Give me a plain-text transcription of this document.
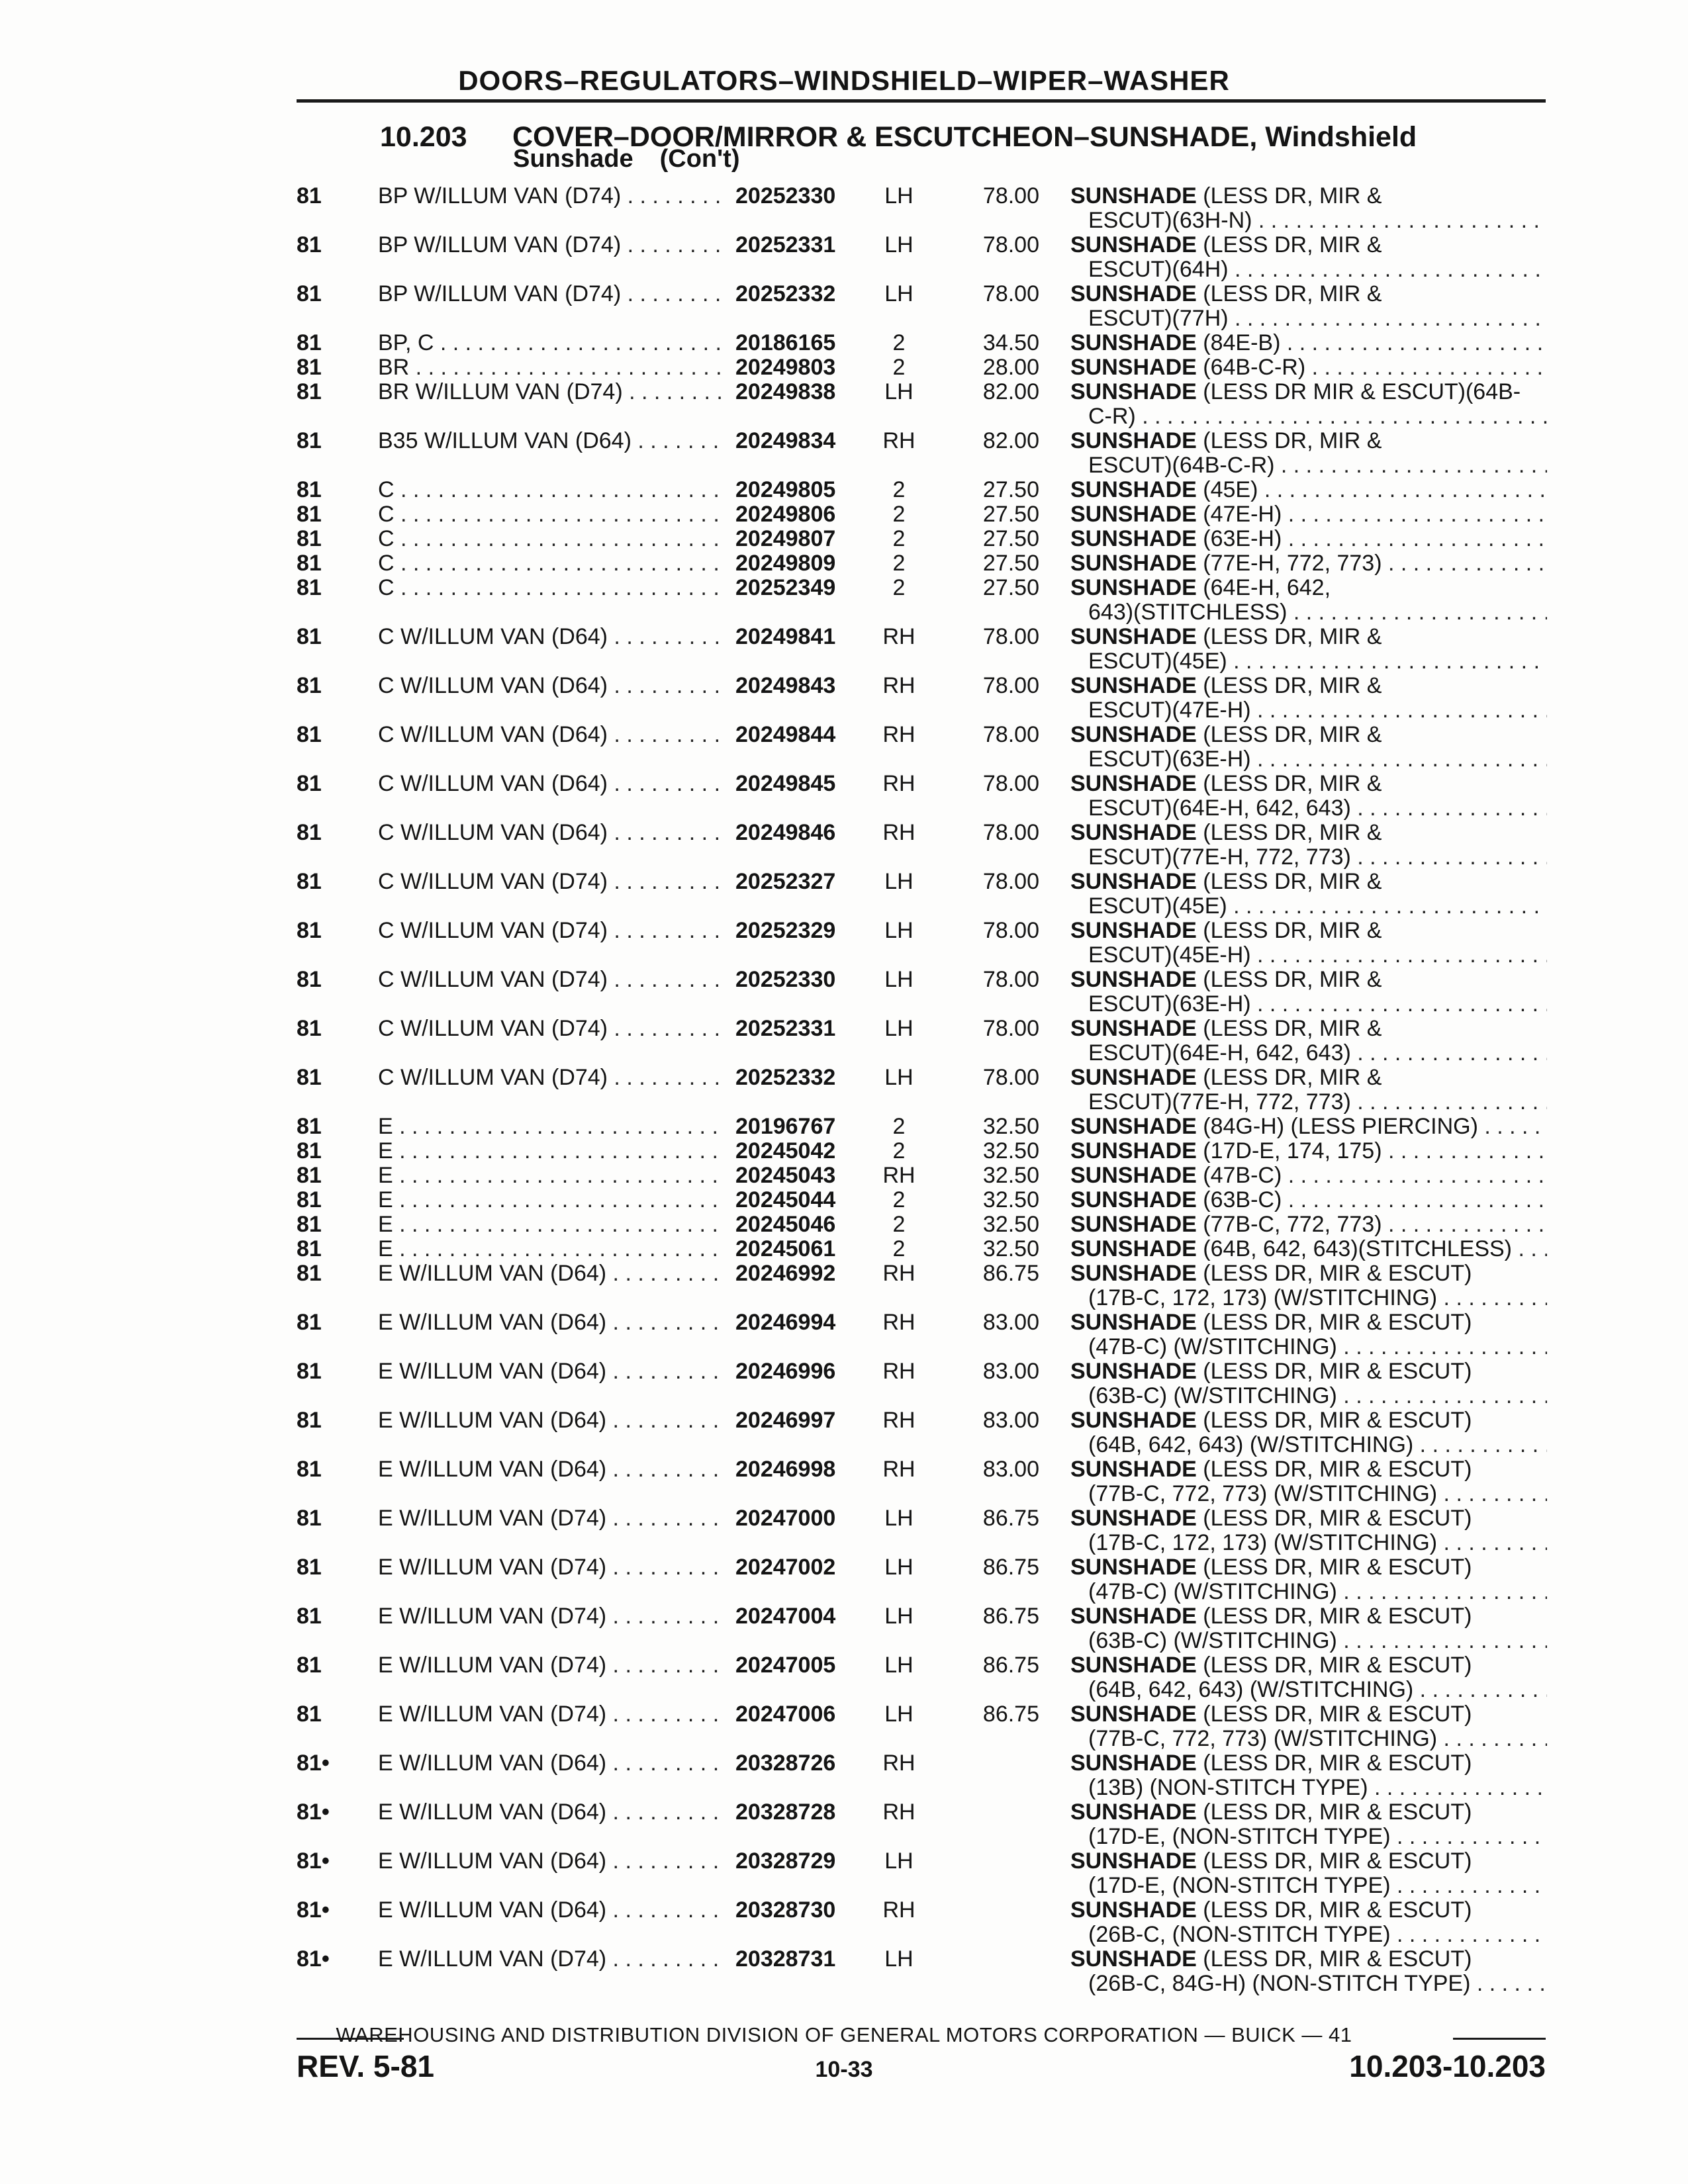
DOORS–REGULATORS–WINDSHIELD–WIPER–WASHER
10.203 COVER–DOOR/MIRROR & ESCUTCHEON–SUNSHADE, Windshield
Sunshade (Con't)
81	BP W/ILLUM VAN (D74) . . .	20252330	LH	78.00 SUNSHADE (LESS DR, MIR &
ESCUT)(63H-N) . . .
81	BP W/ILLUM VAN (D74) . . .	20252331	LH	78.00 SUNSHADE (LESS DR, MIR &
ESCUT)(64H) . . .
81	BP W/ILLUM VAN (D74) . . .	20252332	LH	78.00 SUNSHADE (LESS DR, MIR &
ESCUT)(77H) . . .
81	BP, C . . .	20186165	2	34.50 SUNSHADE (84E-B) . . .
81	BR . . .	20249803	2	28.00 SUNSHADE (64B-C-R) . . .
81	BR W/ILLUM VAN (D74) . . .	20249838	LH	82.00 SUNSHADE (LESS DR MIR & ESCUT)(64B-
C-R) . . .
81	B35 W/ILLUM VAN (D64) . . .	20249834	RH	82.00 SUNSHADE (LESS DR, MIR &
ESCUT)(64B-C-R) . . .
81	C . . .	20249805	2	27.50 SUNSHADE (45E) . . .
81	C . . .	20249806	2	27.50 SUNSHADE (47E-H) . . .
81	C . . .	20249807	2	27.50 SUNSHADE (63E-H) . . .
81	C . . .	20249809	2	27.50 SUNSHADE (77E-H, 772, 773) . . .
81	C . . .	20252349	2	27.50 SUNSHADE (64E-H, 642,
643)(STITCHLESS) . . .
81	C W/ILLUM VAN (D64) . . .	20249841	RH	78.00 SUNSHADE (LESS DR, MIR &
ESCUT)(45E) . . .
81	C W/ILLUM VAN (D64) . . .	20249843	RH	78.00 SUNSHADE (LESS DR, MIR &
ESCUT)(47E-H) . . .
81	C W/ILLUM VAN (D64) . . .	20249844	RH	78.00 SUNSHADE (LESS DR, MIR &
ESCUT)(63E-H) . . .
81	C W/ILLUM VAN (D64) . . .	20249845	RH	78.00 SUNSHADE (LESS DR, MIR &
ESCUT)(64E-H, 642, 643) . . .
81	C W/ILLUM VAN (D64) . . .	20249846	RH	78.00 SUNSHADE (LESS DR, MIR &
ESCUT)(77E-H, 772, 773) . . .
81	C W/ILLUM VAN (D74) . . .	20252327	LH	78.00 SUNSHADE (LESS DR, MIR &
ESCUT)(45E) . . .
81	C W/ILLUM VAN (D74) . . .	20252329	LH	78.00 SUNSHADE (LESS DR, MIR &
ESCUT)(45E-H) . . .
81	C W/ILLUM VAN (D74) . . .	20252330	LH	78.00 SUNSHADE (LESS DR, MIR &
ESCUT)(63E-H) . . .
81	C W/ILLUM VAN (D74) . . .	20252331	LH	78.00 SUNSHADE (LESS DR, MIR &
ESCUT)(64E-H, 642, 643) . . .
81	C W/ILLUM VAN (D74) . . .	20252332	LH	78.00 SUNSHADE (LESS DR, MIR &
ESCUT)(77E-H, 772, 773) . . .
81	E . . .	20196767	2	32.50 SUNSHADE (84G-H) (LESS PIERCING) . . .
81	E . . .	20245042	2	32.50 SUNSHADE (17D-E, 174, 175) . . .
81	E . . .	20245043	RH	32.50 SUNSHADE (47B-C) . . .
81	E . . .	20245044	2	32.50 SUNSHADE (63B-C) . . .
81	E . . .	20245046	2	32.50 SUNSHADE (77B-C, 772, 773) . . .
81	E . . .	20245061	2	32.50 SUNSHADE (64B, 642, 643)(STITCHLESS) . . .
81	E W/ILLUM VAN (D64) . . .	20246992	RH	86.75 SUNSHADE (LESS DR, MIR & ESCUT)
(17B-C, 172, 173) (W/STITCHING) . . .
81	E W/ILLUM VAN (D64) . . .	20246994	RH	83.00 SUNSHADE (LESS DR, MIR & ESCUT)
(47B-C) (W/STITCHING) . . .
81	E W/ILLUM VAN (D64) . . .	20246996	RH	83.00 SUNSHADE (LESS DR, MIR & ESCUT)
(63B-C) (W/STITCHING) . . .
81	E W/ILLUM VAN (D64) . . .	20246997	RH	83.00 SUNSHADE (LESS DR, MIR & ESCUT)
(64B, 642, 643) (W/STITCHING) . . .
81	E W/ILLUM VAN (D64) . . .	20246998	RH	83.00 SUNSHADE (LESS DR, MIR & ESCUT)
(77B-C, 772, 773) (W/STITCHING) . . .
81	E W/ILLUM VAN (D74) . . .	20247000	LH	86.75 SUNSHADE (LESS DR, MIR & ESCUT)
(17B-C, 172, 173) (W/STITCHING) . . .
81	E W/ILLUM VAN (D74) . . .	20247002	LH	86.75 SUNSHADE (LESS DR, MIR & ESCUT)
(47B-C) (W/STITCHING) . . .
81	E W/ILLUM VAN (D74) . . .	20247004	LH	86.75 SUNSHADE (LESS DR, MIR & ESCUT)
(63B-C) (W/STITCHING) . . .
81	E W/ILLUM VAN (D74) . . .	20247005	LH	86.75 SUNSHADE (LESS DR, MIR & ESCUT)
(64B, 642, 643) (W/STITCHING) . . .
81	E W/ILLUM VAN (D74) . . .	20247006	LH	86.75 SUNSHADE (LESS DR, MIR & ESCUT)
(77B-C, 772, 773) (W/STITCHING) . . .
81•	E W/ILLUM VAN (D64) . . .	20328726	RH	SUNSHADE (LESS DR, MIR & ESCUT)
(13B) (NON-STITCH TYPE) . . .
81•	E W/ILLUM VAN (D64) . . .	20328728	RH	SUNSHADE (LESS DR, MIR & ESCUT)
(17D-E, (NON-STITCH TYPE) . . .
81•	E W/ILLUM VAN (D64) . . .	20328729	LH	SUNSHADE (LESS DR, MIR & ESCUT)
(17D-E, (NON-STITCH TYPE) . . .
81•	E W/ILLUM VAN (D64) . . .	20328730	RH	SUNSHADE (LESS DR, MIR & ESCUT)
(26B-C, (NON-STITCH TYPE) . . .
81•	E W/ILLUM VAN (D74) . . .	20328731	LH	SUNSHADE (LESS DR, MIR & ESCUT)
(26B-C, 84G-H) (NON-STITCH TYPE) . . .
WAREHOUSING AND DISTRIBUTION DIVISION OF GENERAL MOTORS CORPORATION — BUICK — 41
REV. 5-81	10-33	10.203-10.203
